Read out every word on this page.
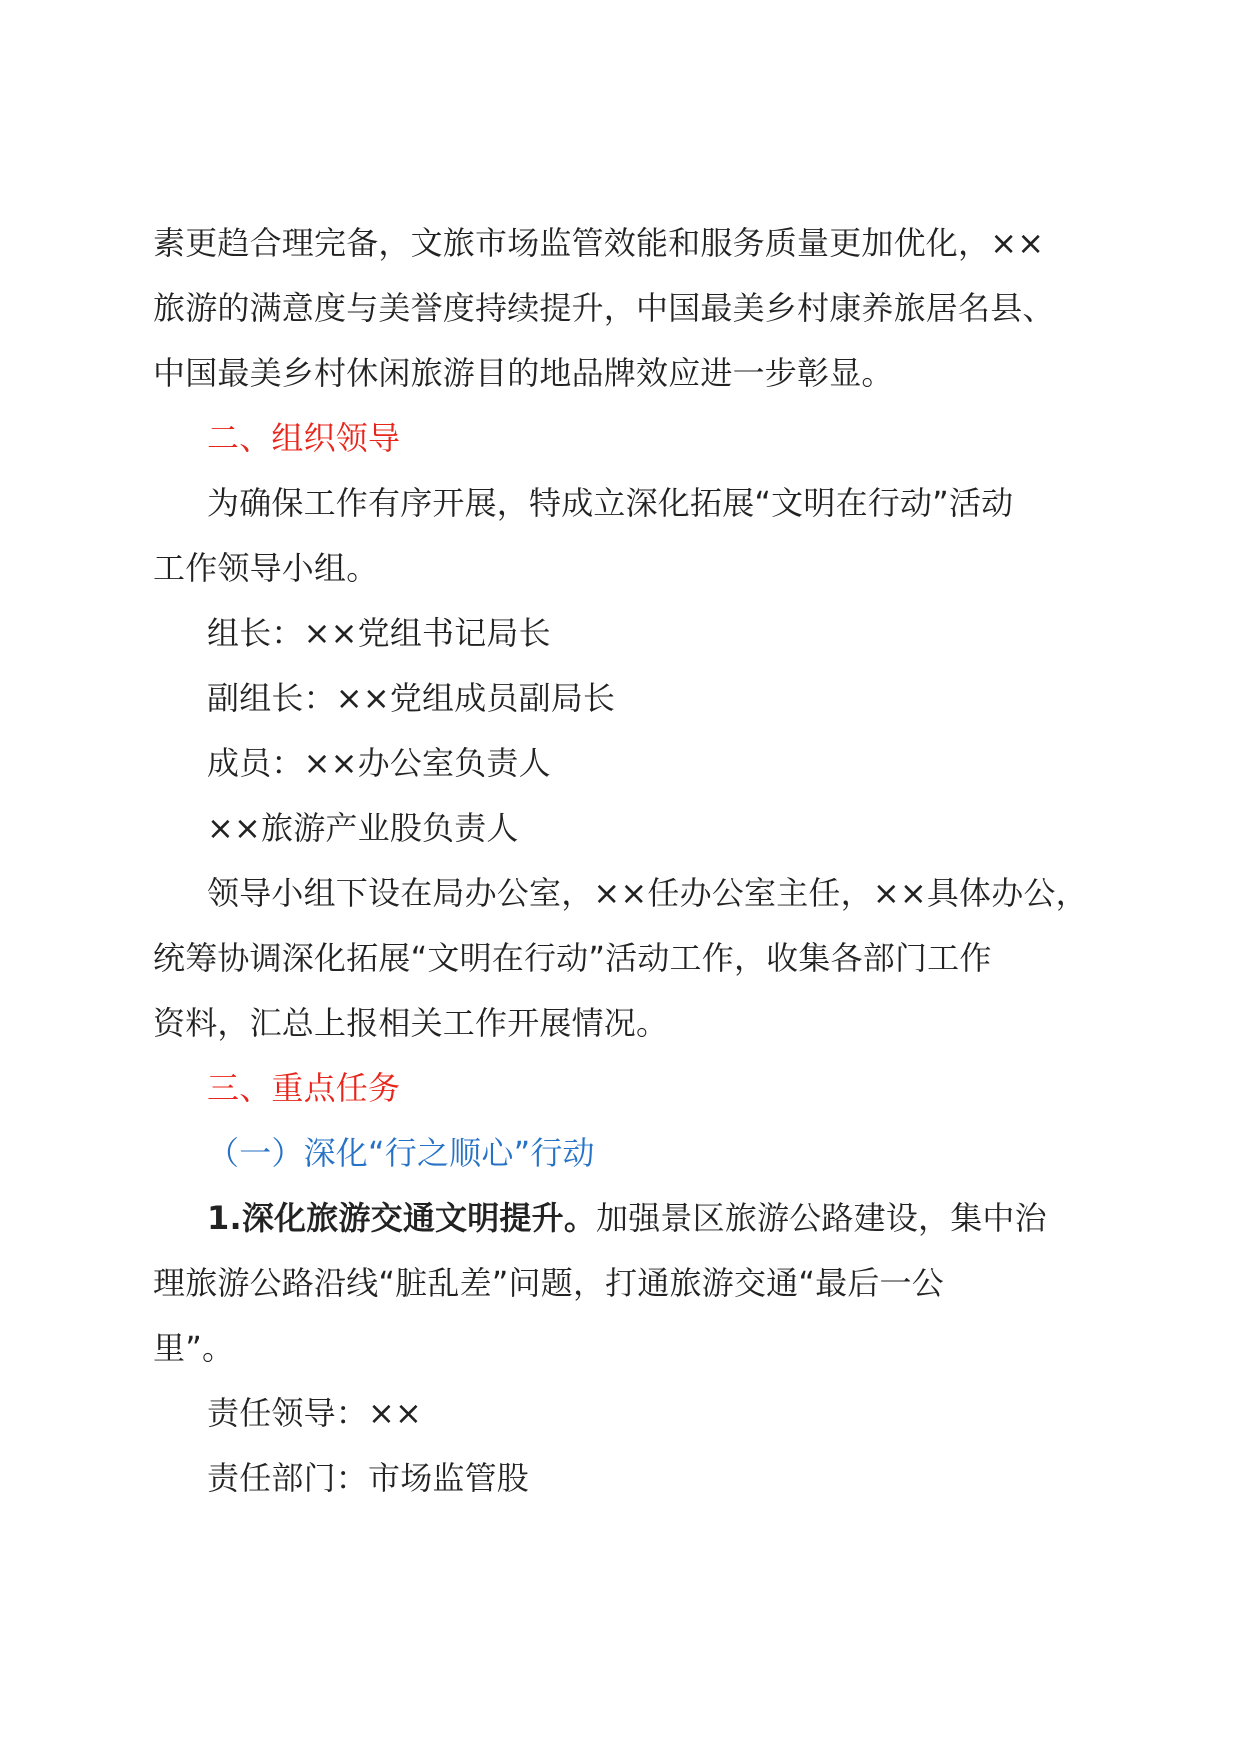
素更趋合理完备，文旅市场监管效能和服务质量更加优化，××
旅游的满意度与美誉度持续提升，中国最美乡村康养旅居名县、
中国最美乡村休闲旅游目的地品牌效应进一步彰显。
二、组织领导
为确保工作有序开展，特成立深化拓展“文明在行动”活动
工作领导小组。
组长：××党组书记局长
副组长：××党组成员副局长
成员：××办公室负责人
××旅游产业股负责人
领导小组下设在局办公室，××任办公室主任，××具体办公，
统筹协调深化拓展“文明在行动”活动工作，收集各部门工作
资料，汇总上报相关工作开展情况。
三、重点任务
（一）深化“行之顺心”行动
1.深化旅游交通文明提升。加强景区旅游公路建设，集中治
理旅游公路沿线“脏乱差”问题，打通旅游交通“最后一公
里”。
责任领导：××
责任部门：市场监管股
